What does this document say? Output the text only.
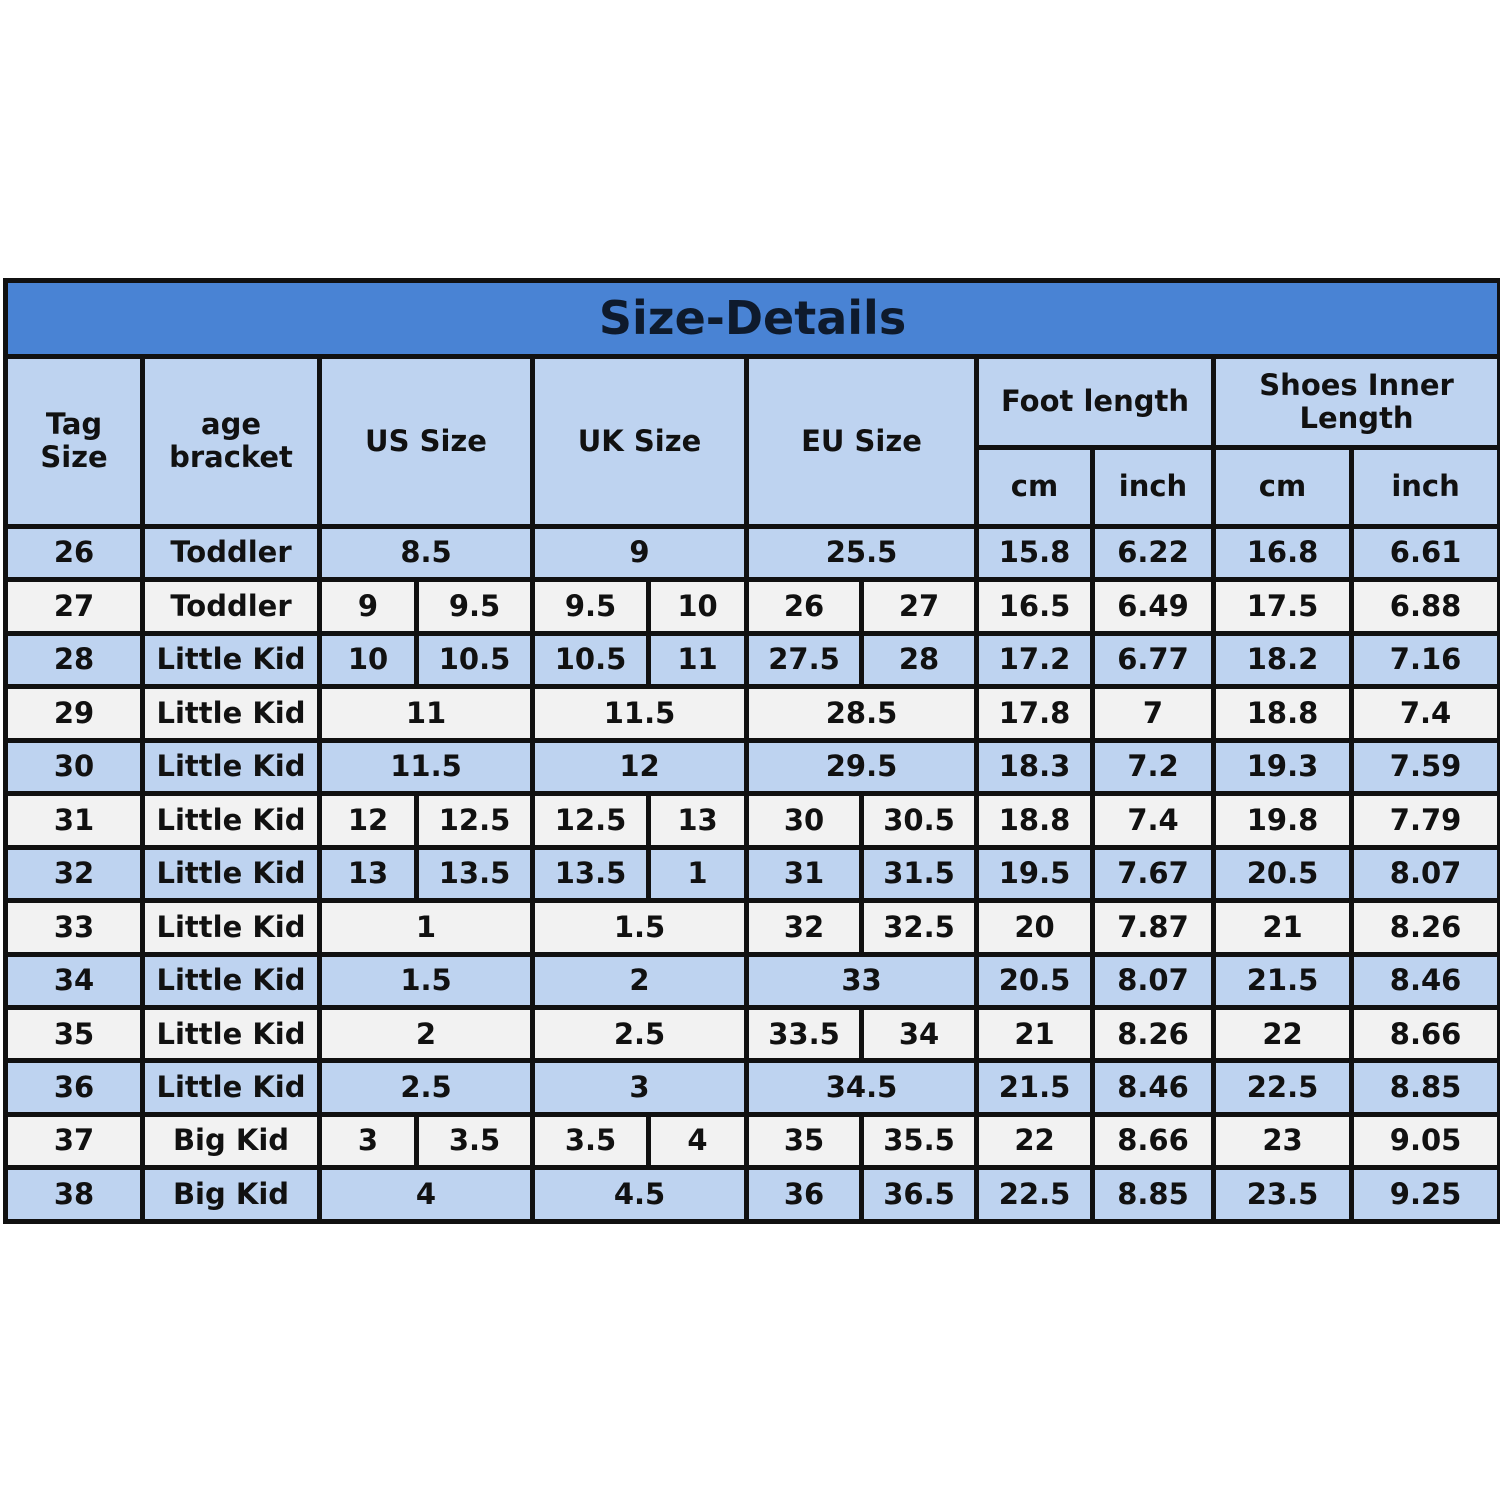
Size-Details											
Tag Size	age bracket	US Size		UK Size		EU Size		Foot length		Shoes Inner Length	
								cm	inch	cm	inch
26	Toddler	8.5		9		25.5		15.8	6.22	16.8	6.61
27	Toddler	9	9.5	9.5	10	26	27	16.5	6.49	17.5	6.88
28	Little Kid	10	10.5	10.5	11	27.5	28	17.2	6.77	18.2	7.16
29	Little Kid	11		11.5		28.5		17.8	7	18.8	7.4
30	Little Kid	11.5		12		29.5		18.3	7.2	19.3	7.59
31	Little Kid	12	12.5	12.5	13	30	30.5	18.8	7.4	19.8	7.79
32	Little Kid	13	13.5	13.5	1	31	31.5	19.5	7.67	20.5	8.07
33	Little Kid	1		1.5		32	32.5	20	7.87	21	8.26
34	Little Kid	1.5		2		33		20.5	8.07	21.5	8.46
35	Little Kid	2		2.5		33.5	34	21	8.26	22	8.66
36	Little Kid	2.5		3		34.5		21.5	8.46	22.5	8.85
37	Big Kid	3	3.5	3.5	4	35	35.5	22	8.66	23	9.05
38	Big Kid	4		4.5		36	36.5	22.5	8.85	23.5	9.25
